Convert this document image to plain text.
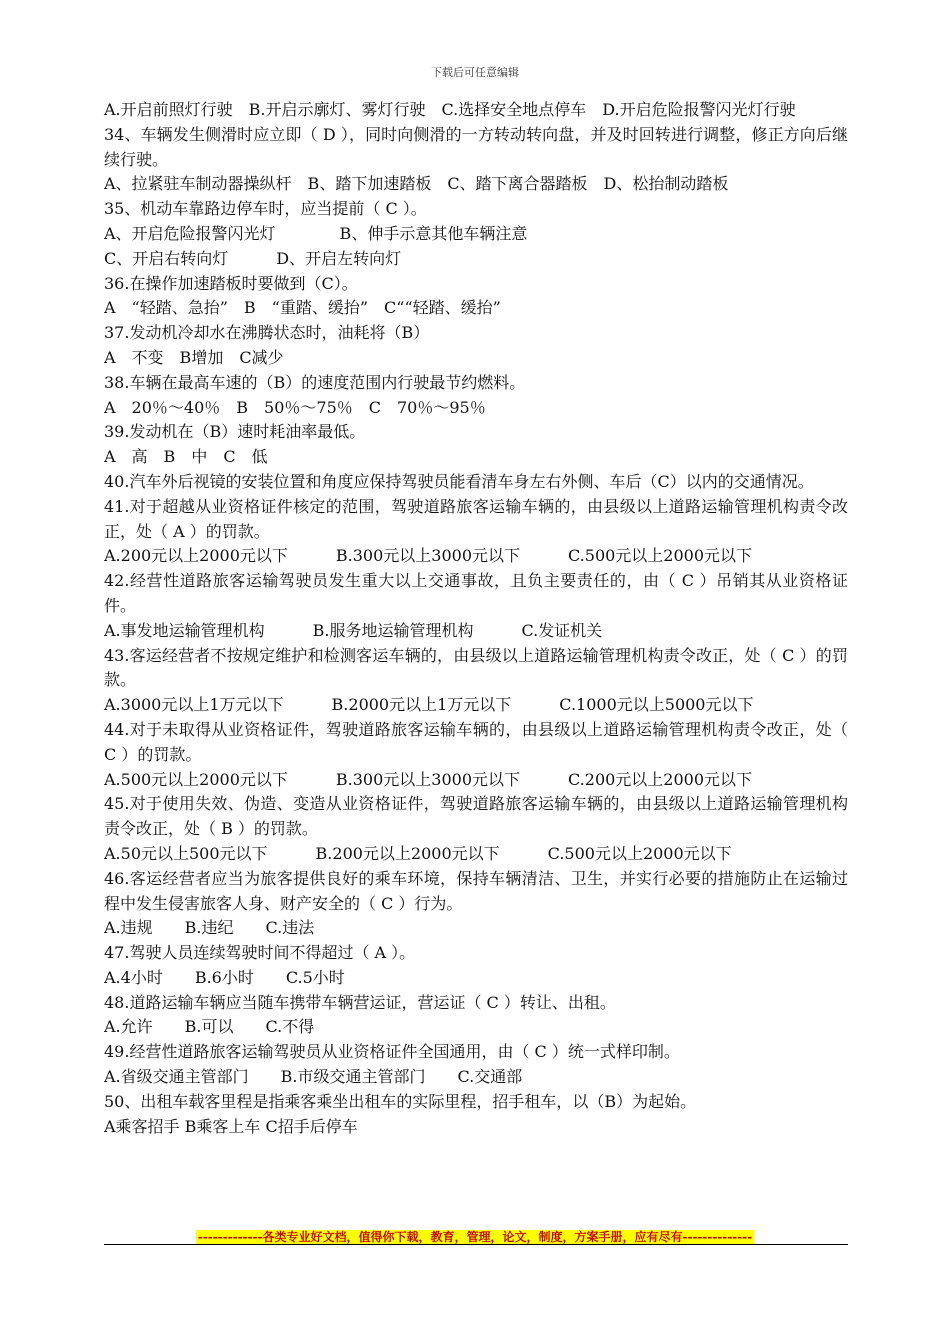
下载后可任意编辑
A.开启前照灯行驶　B.开启示廓灯、雾灯行驶　C.选择安全地点停车　D.开启危险报警闪光灯行驶
34、车辆发生侧滑时应立即（ D ），同时向侧滑的一方转动转向盘，并及时回转进行调整，修正方向后继续行驶。
A、拉紧驻车制动器操纵杆　B、踏下加速踏板　C、踏下离合器踏板　D、松抬制动踏板
35、机动车靠路边停车时，应当提前（ C ）。
A、开启危险报警闪光灯　　　　B、伸手示意其他车辆注意
C、开启右转向灯　　　D、开启左转向灯
36.在操作加速踏板时要做到（C）。
A　“轻踏、急抬”　B　“重踏、缓抬”　C““轻踏、缓抬”
37.发动机冷却水在沸腾状态时，油耗将（B）
A　不变　B增加　C减少
38.车辆在最高车速的（B）的速度范围内行驶最节约燃料。
A　20％～40％　B　50％～75％　C　70％～95％
39.发动机在（B）速时耗油率最低。
A　高　B　中　C　低
40.汽车外后视镜的安装位置和角度应保持驾驶员能看清车身左右外侧、车后（C）以内的交通情况。
41.对于超越从业资格证件核定的范围，驾驶道路旅客运输车辆的，由县级以上道路运输管理机构责令改正，处（ A ）的罚款。
A.200元以上2000元以下　　　B.300元以上3000元以下　　　C.500元以上2000元以下
42.经营性道路旅客运输驾驶员发生重大以上交通事故，且负主要责任的，由（ C ）吊销其从业资格证件。
A.事发地运输管理机构　　　B.服务地运输管理机构　　　C.发证机关
43.客运经营者不按规定维护和检测客运车辆的，由县级以上道路运输管理机构责令改正，处（ C ）的罚款。
A.3000元以上1万元以下　　　B.2000元以上1万元以下　　　C.1000元以上5000元以下
44.对于未取得从业资格证件，驾驶道路旅客运输车辆的，由县级以上道路运输管理机构责令改正，处（ C ）的罚款。
A.500元以上2000元以下　　　B.300元以上3000元以下　　　C.200元以上2000元以下
45.对于使用失效、伪造、变造从业资格证件，驾驶道路旅客运输车辆的，由县级以上道路运输管理机构责令改正，处（ B ）的罚款。
A.50元以上500元以下　　　B.200元以上2000元以下　　　C.500元以上2000元以下
46.客运经营者应当为旅客提供良好的乘车环境，保持车辆清洁、卫生，并实行必要的措施防止在运输过程中发生侵害旅客人身、财产安全的（ C ）行为。
A.违规　　B.违纪　　C.违法
47.驾驶人员连续驾驶时间不得超过（ A ）。
A.4小时　　B.6小时　　C.5小时
48.道路运输车辆应当随车携带车辆营运证，营运证（ C ）转让、出租。
A.允许　　B.可以　　C.不得
49.经营性道路旅客运输驾驶员从业资格证件全国通用，由（ C ）统一式样印制。
A.省级交通主管部门　　B.市级交通主管部门　　C.交通部
50、出租车载客里程是指乘客乘坐出租车的实际里程，招手租车，以（B）为起始。
A乘客招手 B乘客上车 C招手后停车
-------------各类专业好文档，值得你下载，教育，管理，论文，制度，方案手册，应有尽有--------------
